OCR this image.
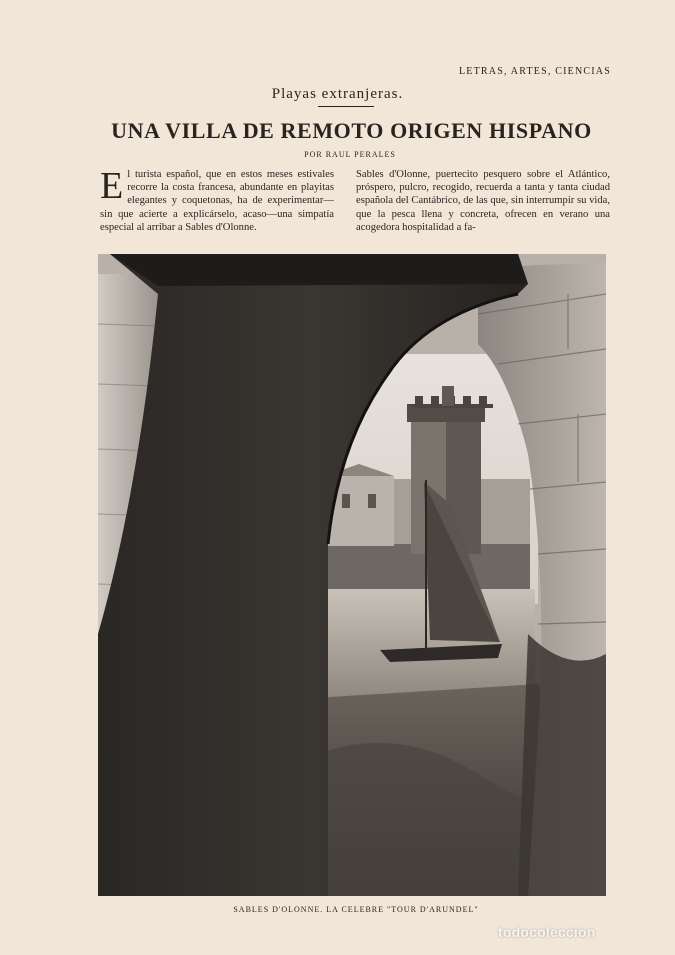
LETRAS, ARTES, CIENCIAS
Playas extranjeras.
UNA VILLA DE REMOTO ORIGEN HISPANO
POR RAUL PERALES
El turista español, que en estos meses estivales recorre la costa francesa, abundante en playitas elegantes y coquetonas, ha de experimentar—sin que acierte a explicárselo, acaso—una simpatía especial al arribar a Sables d'Olonne.
Sables d'Olonne, puertecito pesquero sobre el Atlántico, próspero, pulcro, recogido, recuerda a tanta y tanta ciudad española del Cantábrico, de las que, sin interrumpir su vida, que la pesca llena y concreta, ofrecen en verano una acogedora hospitalidad a fa-
SABLES D'OLONNE. LA CELEBRE "TOUR D'ARUNDEL"
todocoleccion
